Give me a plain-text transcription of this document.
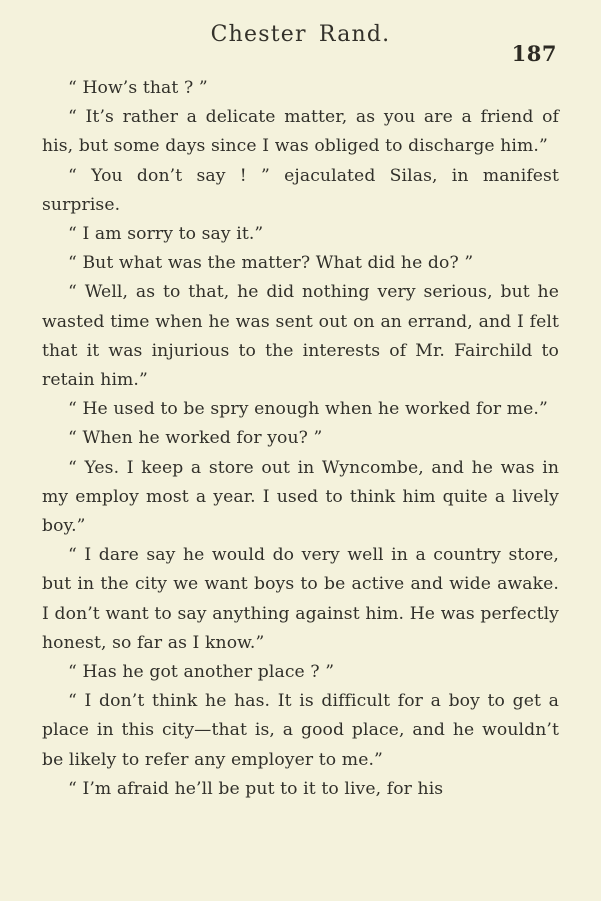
Chester Rand.
187

“ How’s that ? ”

“ It’s rather a delicate matter, as you are a friend of his, but some days since I was obliged to discharge him.”

“ You don’t say ! ” ejaculated Silas, in manifest surprise.

“ I am sorry to say it.”

“ But what was the matter? What did he do? ”

“ Well, as to that, he did nothing very serious, but he wasted time when he was sent out on an errand, and I felt that it was injurious to the interests of Mr. Fairchild to retain him.”

“ He used to be spry enough when he worked for me.”

“ When he worked for you? ”

“ Yes. I keep a store out in Wyncombe, and he was in my employ most a year. I used to think him quite a lively boy.”

“ I dare say he would do very well in a country store, but in the city we want boys to be active and wide awake. I don’t want to say anything against him. He was perfectly honest, so far as I know.”

“ Has he got another place ? ”

“ I don’t think he has. It is difficult for a boy to get a place in this city—that is, a good place, and he wouldn’t be likely to refer any employer to me.”

“ I’m afraid he’ll be put to it to live, for his
